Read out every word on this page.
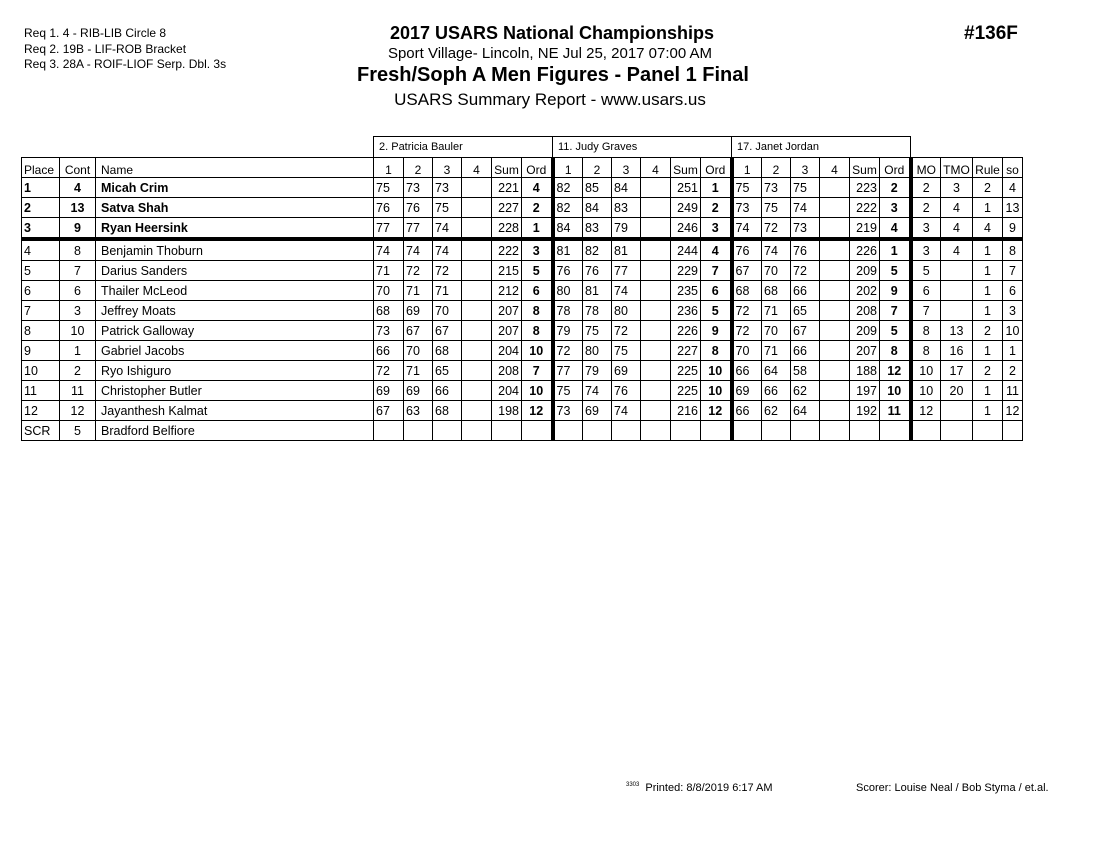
Req 1. 4 - RIB-LIB Circle 8
Req 2. 19B - LIF-ROB Bracket
Req 3. 28A - ROIF-LIOF Serp. Dbl. 3s
2017 USARS National Championships
Sport Village- Lincoln, NE Jul 25, 2017 07:00 AM
Fresh/Soph A Men Figures - Panel 1 Final
USARS Summary Report - www.usars.us
#136F
			2. Patricia Bauler						11. Judy Graves						17. Janet Jordan									
Place	Cont	Name	1	2	3	4	Sum	Ord	1	2	3	4	Sum	Ord	1	2	3	4	Sum	Ord	MO	TMO	Rule	so
1	4	Micah Crim	75	73	73		221	4	82	85	84		251	1	75	73	75		223	2	2	3	2	4
2	13	Satva Shah	76	76	75		227	2	82	84	83		249	2	73	75	74		222	3	2	4	1	13
3	9	Ryan Heersink	77	77	74		228	1	84	83	79		246	3	74	72	73		219	4	3	4	4	9
4	8	Benjamin Thoburn	74	74	74		222	3	81	82	81		244	4	76	74	76		226	1	3	4	1	8
5	7	Darius Sanders	71	72	72		215	5	76	76	77		229	7	67	70	72		209	5	5		1	7
6	6	Thailer McLeod	70	71	71		212	6	80	81	74		235	6	68	68	66		202	9	6		1	6
7	3	Jeffrey Moats	68	69	70		207	8	78	78	80		236	5	72	71	65		208	7	7		1	3
8	10	Patrick Galloway	73	67	67		207	8	79	75	72		226	9	72	70	67		209	5	8	13	2	10
9	1	Gabriel Jacobs	66	70	68		204	10	72	80	75		227	8	70	71	66		207	8	8	16	1	1
10	2	Ryo Ishiguro	72	71	65		208	7	77	79	69		225	10	66	64	58		188	12	10	17	2	2
11	11	Christopher Butler	69	69	66		204	10	75	74	76		225	10	69	66	62		197	10	10	20	1	11
12	12	Jayanthesh Kalmat	67	63	68		198	12	73	69	74		216	12	66	62	64		192	11	12		1	12
SCR	5	Bradford Belfiore																						
$^{3303}$ Printed: 8/8/2019 6:17 AM	Scorer: Louise Neal / Bob Styma / et.al.
